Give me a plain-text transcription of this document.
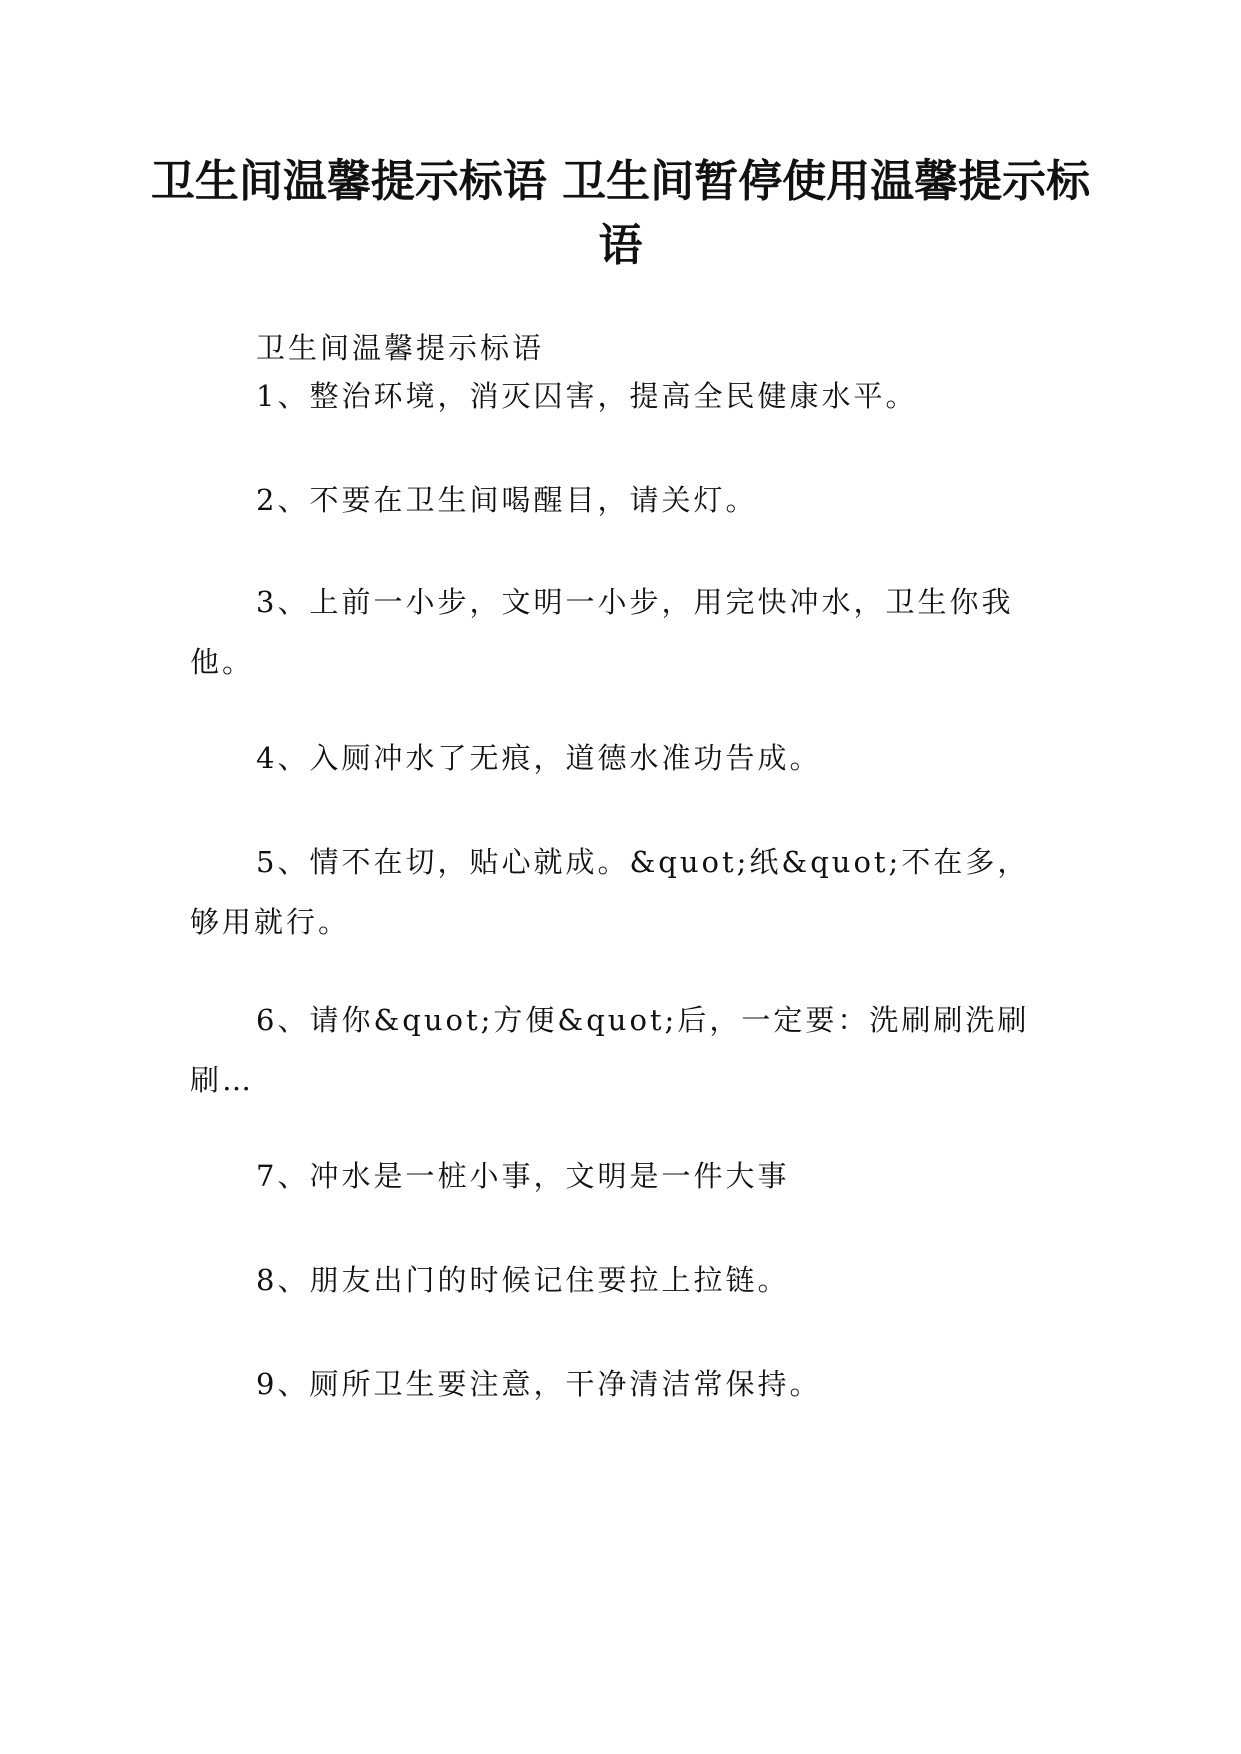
卫生间温馨提示标语 卫生间暂停使用温馨提示标语

卫生间温馨提示标语

1、整治环境，消灭囚害，提高全民健康水平。

2、不要在卫生间喝醒目，请关灯。

3、上前一小步，文明一小步，用完快冲水，卫生你我他。

4、入厕冲水了无痕，道德水准功告成。

5、情不在切，贴心就成。&quot;纸&quot;不在多，够用就行。

6、请你&quot;方便&quot;后，一定要：洗刷刷洗刷刷…

7、冲水是一桩小事，文明是一件大事

8、朋友出门的时候记住要拉上拉链。

9、厕所卫生要注意，干净清洁常保持。
